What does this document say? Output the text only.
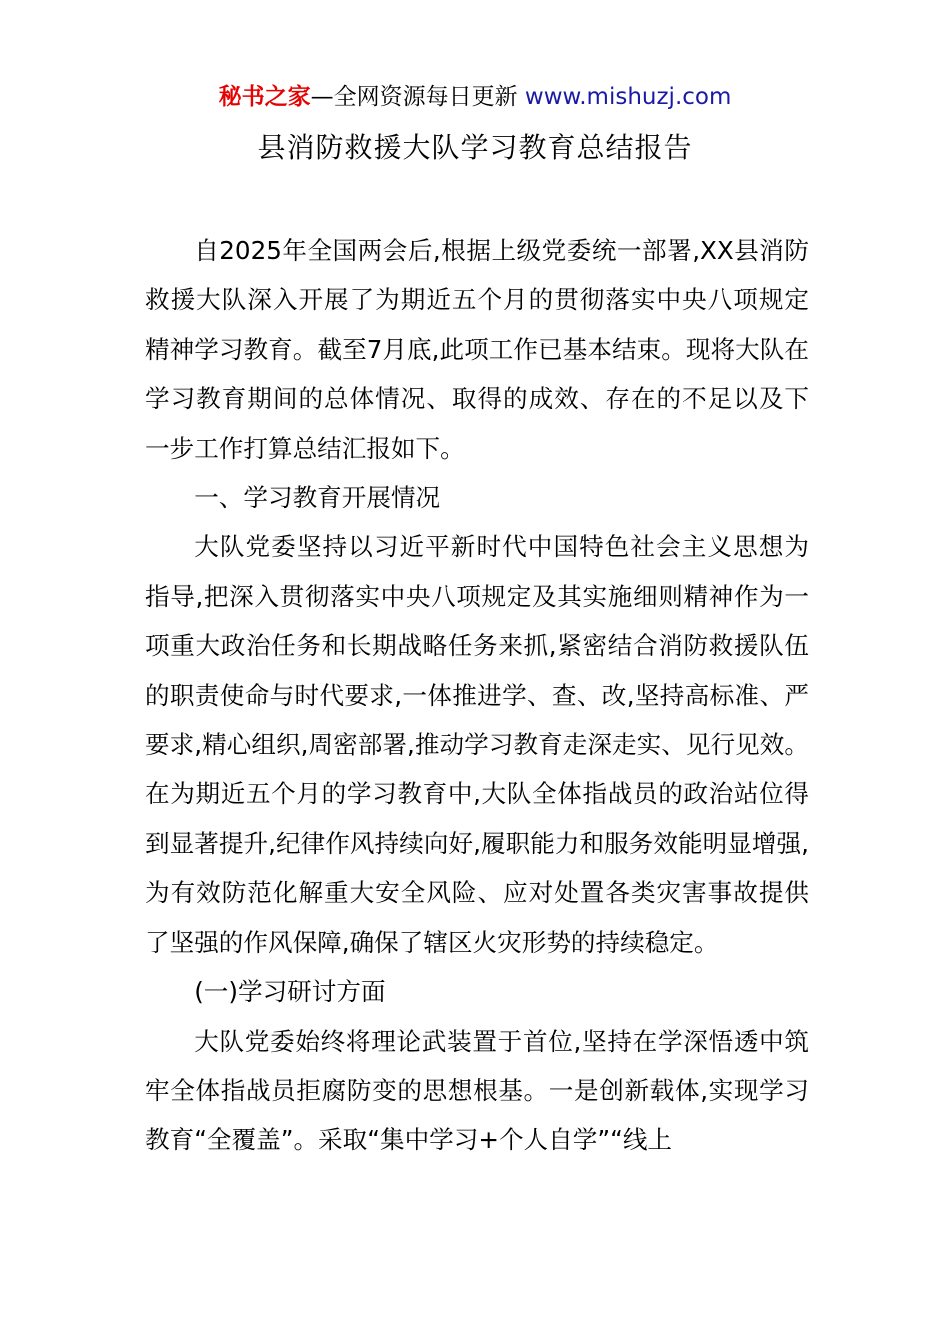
秘书之家—全网资源每日更新 www.mishuzj.com
县消防救援大队学习教育总结报告

自2025年全国两会后,根据上级党委统一部署,XX县消防救援大队深入开展了为期近五个月的贯彻落实中央八项规定精神学习教育。截至7月底,此项工作已基本结束。现将大队在学习教育期间的总体情况、取得的成效、存在的不足以及下一步工作打算总结汇报如下。

一、学习教育开展情况

大队党委坚持以习近平新时代中国特色社会主义思想为指导,把深入贯彻落实中央八项规定及其实施细则精神作为一项重大政治任务和长期战略任务来抓,紧密结合消防救援队伍的职责使命与时代要求,一体推进学、查、改,坚持高标准、严要求,精心组织,周密部署,推动学习教育走深走实、见行见效。在为期近五个月的学习教育中,大队全体指战员的政治站位得到显著提升,纪律作风持续向好,履职能力和服务效能明显增强,为有效防范化解重大安全风险、应对处置各类灾害事故提供了坚强的作风保障,确保了辖区火灾形势的持续稳定。

(一)学习研讨方面

大队党委始终将理论武装置于首位,坚持在学深悟透中筑牢全体指战员拒腐防变的思想根基。一是创新载体,实现学习教育“全覆盖”。采取“集中学习+个人自学”“线上
